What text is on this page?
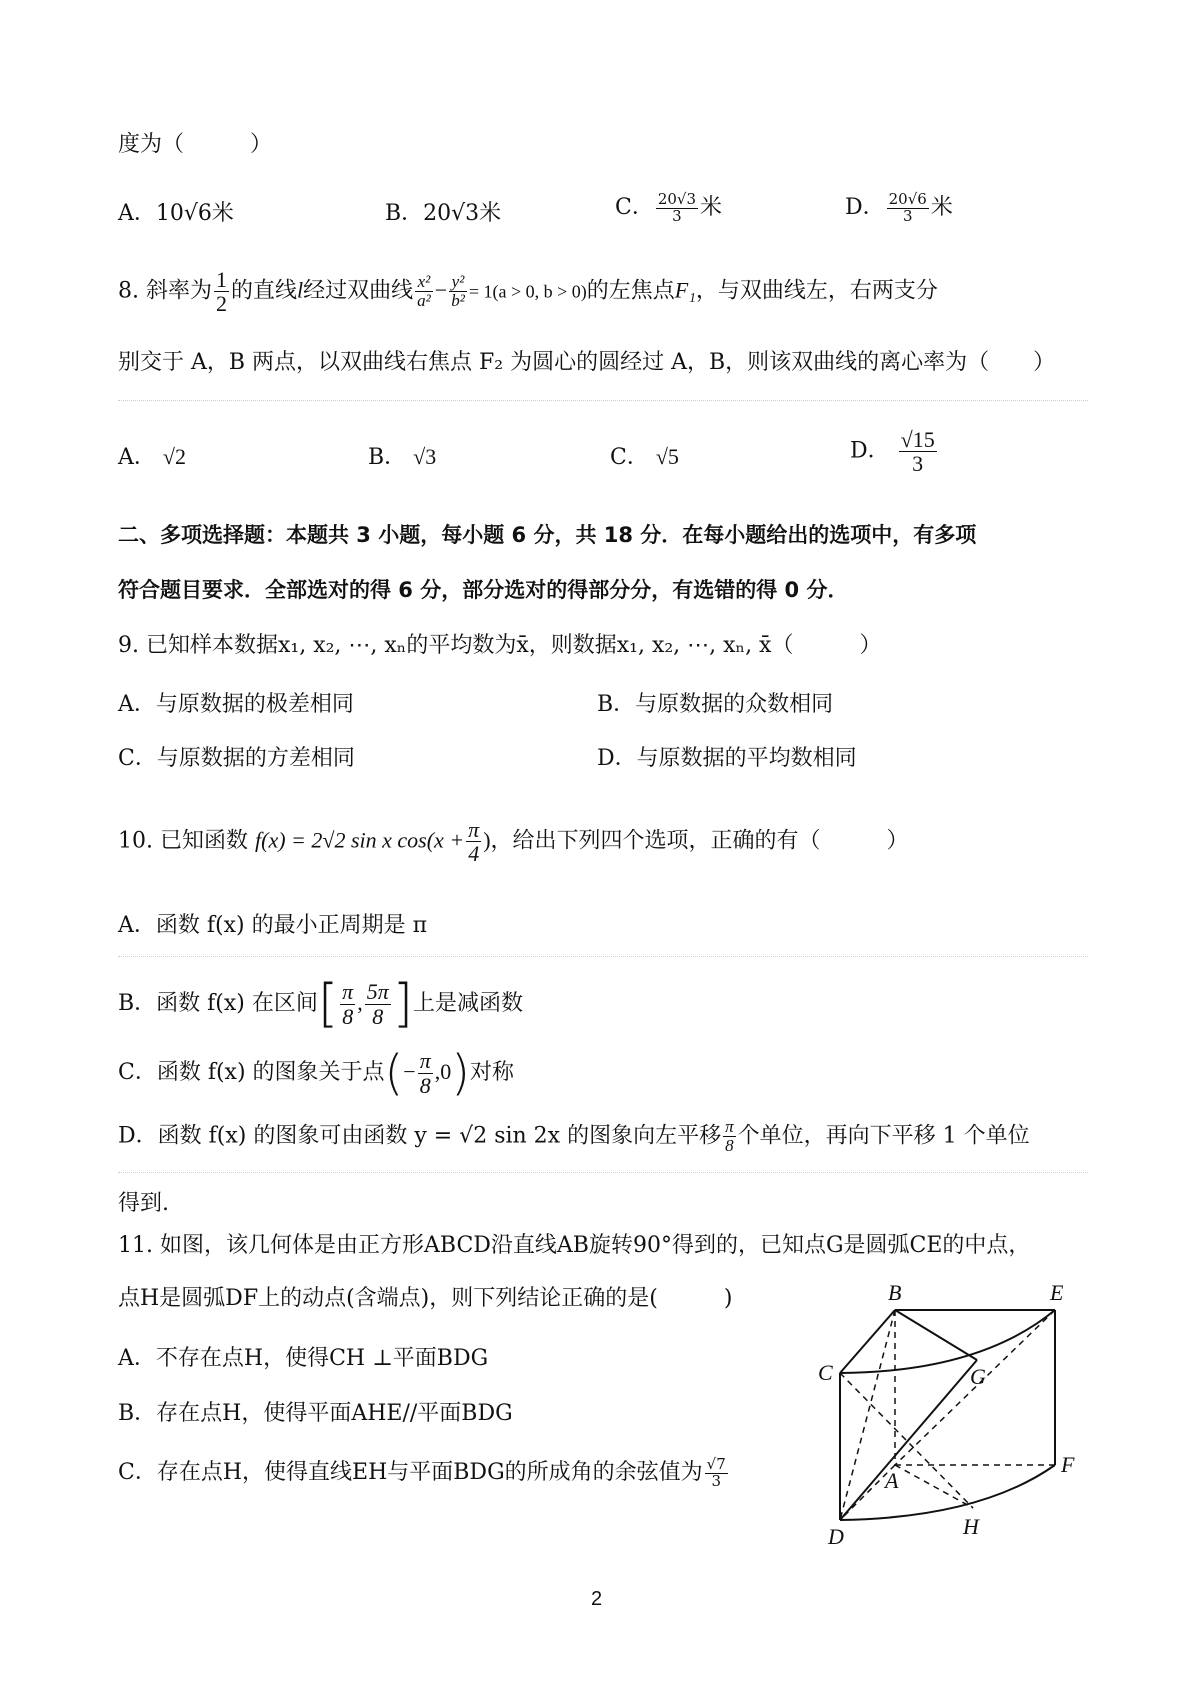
度为（　　　）
A．10√6米	B．20√3米	C． $\frac{20√3}{3}$ 米	D． $\frac{20√6}{3}$ 米
8. 斜率为 $\frac{1}{2}$ 的直线l经过双曲线 $\frac{\text{x²}}{\text{a²}} - \frac{\text{y²}}{\text{b²}} = 1(a > 0$, b > 0)的左焦点F₁，与双曲线左，右两支分
别交于 A，B 两点，以双曲线右焦点 F₂ 为圆心的圆经过 A，B，则该双曲线的离心率为（　　）
A． √2	B． √3	C． √5	D． $\frac{√15}{3}$
二、多项选择题：本题共 3 小题，每小题 6 分，共 18 分．在每小题给出的选项中，有多项
符合题目要求．全部选对的得 6 分，部分选对的得部分分，有选错的得 0 分．
9. 已知样本数据x₁, x₂, ⋯, xₙ的平均数为x̄，则数据x₁, x₂, ⋯, xₙ, x̄（　　　）
A．与原数据的极差相同	B．与原数据的众数相同
C．与原数据的方差相同	D．与原数据的平均数相同
10. 已知函数 f(x) = 2√2 sin x $\cos(x + \frac{\pi}{4}$ )，给出下列四个选项，正确的有（　　　）
A．函数 f(x) 的最小正周期是 π
B．函数 f(x) 在区间[ $\frac{\pi}{8}$ , $\frac{5\pi}{8}$ ]上是减函数
C．函数 f(x) 的图象关于点(− $\frac{\pi}{8} ,0$)对称
D．函数 f(x) 的图象可由函数 y = √2 sin 2x 的图象向左平移 $\frac{\pi}{8}$ 个单位，再向下平移 1 个单位
得到.
11. 如图，该几何体是由正方形ABCD沿直线AB旋转90°得到的，已知点G是圆弧CE的中点，
点H是圆弧DF上的动点(含端点)，则下列结论正确的是(　　　)
A．不存在点H，使得CH ⊥平面BDG
B．存在点H，使得平面AHE//平面BDG
C．存在点H，使得直线EH与平面BDG的所成角的余弦值为 $\frac{√7}{3}$
B	E
C	G
A
F
D	H
2
